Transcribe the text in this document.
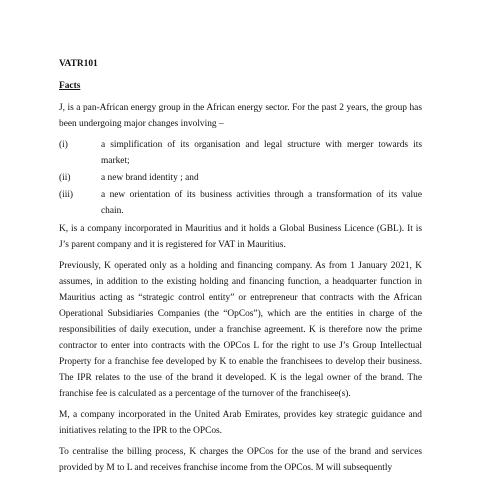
VATR101
Facts

J, is a pan-African energy group in the African energy sector. For the past 2 years, the group has been undergoing major changes involving –

(i)	a simplification of its organisation and legal structure with merger towards its market;
(ii)	a new brand identity ; and
(iii)	a new orientation of its business activities through a transformation of its value chain.

K, is a company incorporated in Mauritius and it holds a Global Business Licence (GBL). It is J’s parent company and it is registered for VAT in Mauritius.

Previously, K operated only as a holding and financing company. As from 1 January 2021, K assumes, in addition to the existing holding and financing function, a headquarter function in Mauritius acting as “strategic control entity” or entrepreneur that contracts with the African Operational Subsidiaries Companies (the “OpCos”), which are the entities in charge of the responsibilities of daily execution, under a franchise agreement. K is therefore now the prime contractor to enter into contracts with the OPCos L for the right to use J’s Group Intellectual Property for a franchise fee developed by K to enable the franchisees to develop their business. The IPR relates to the use of the brand it developed. K is the legal owner of the brand. The franchise fee is calculated as a percentage of the turnover of the franchisee(s).

M, a company incorporated in the United Arab Emirates, provides key strategic guidance and initiatives relating to the IPR to the OPCos.

To centralise the billing process, K charges the OPCos for the use of the brand and services provided by M to L and receives franchise income from the OPCos. M will subsequently
